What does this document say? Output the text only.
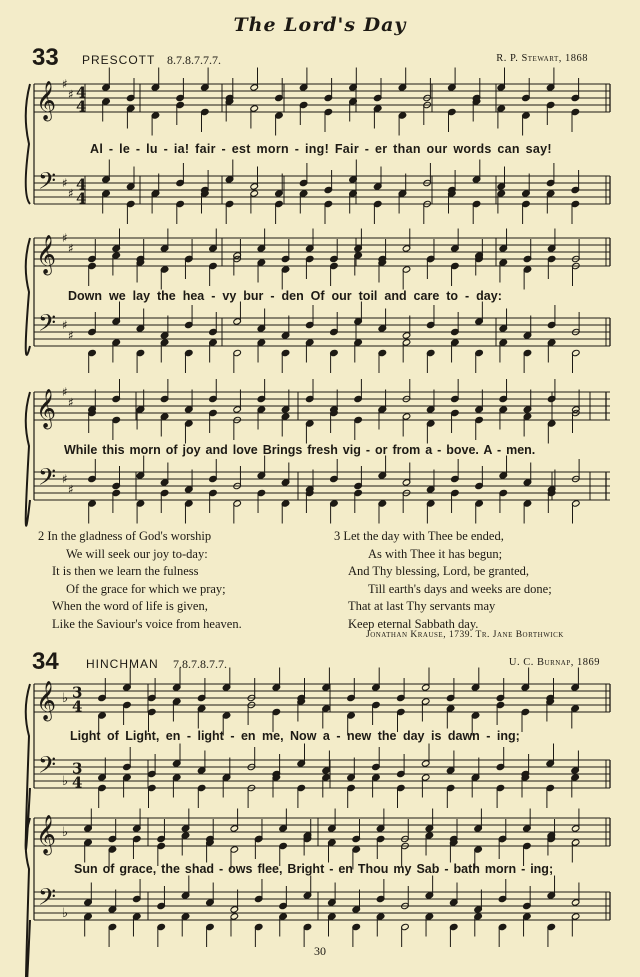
The Lord's Day
33 PRESCOTT 8.7.8.7.7.7.	R. P. Stewart, 1868
𝄞
𝄢
♯
♯
♯
♯
4
4
4
4
𝄞
𝄢
♯
♯
♯
♯
𝄞
𝄢
♯
♯
♯
♯
𝄞
𝄢
♭
♭
3
4
3
4
𝄞
𝄢
♭
♭
Al - le - lu - ia! fair - est morn - ing! Fair - er than our words can say!
Down we lay the hea - vy bur - den Of our toil and care to - day:
While this morn of joy and love Brings fresh vig - or from a - bove. A - men.
2 In the gladness of God's worship
We will seek our joy to-day:
It is then we learn the fulness
Of the grace for which we pray;
When the word of life is given,
Like the Saviour's voice from heaven.
3 Let the day with Thee be ended,
As with Thee it has begun;
And Thy blessing, Lord, be granted,
Till earth's days and weeks are done;
That at last Thy servants may
Keep eternal Sabbath day.
Jonathan Krause, 1739. Tr. Jane Borthwick
34 HINCHMAN 7.8.7.8.7.7.	U. C. Burnap, 1869
Light of Light, en - light - en me, Now a - new the day is dawn - ing;
Sun of grace, the shad - ows flee, Bright - en Thou my Sab - bath morn - ing;
30
